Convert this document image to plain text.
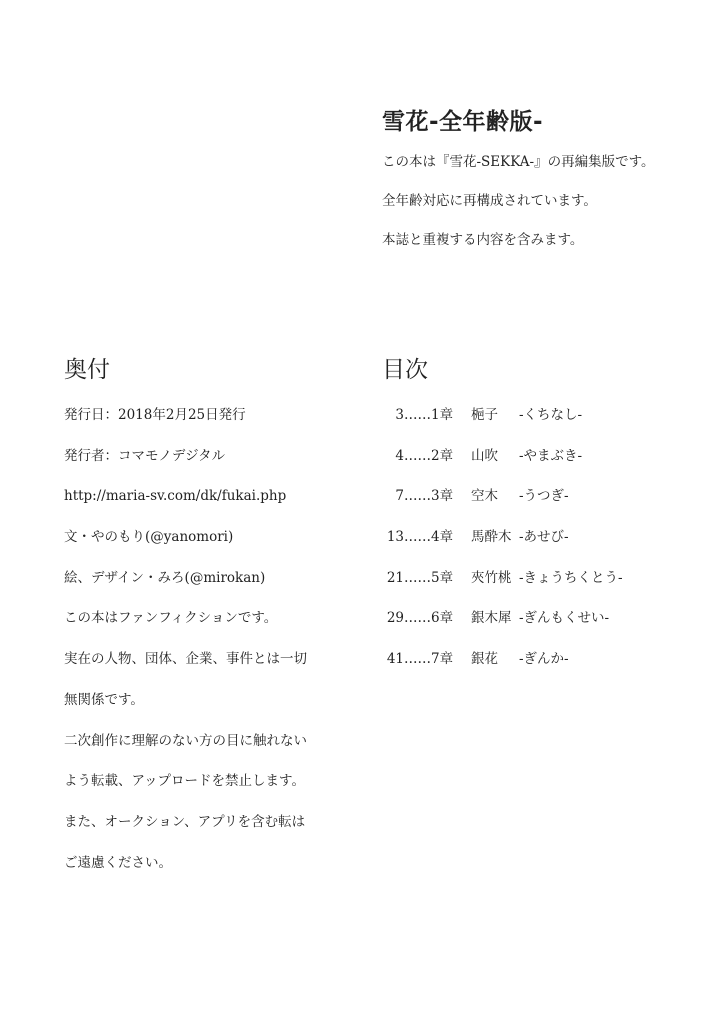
雪花-全年齢版-

この本は『雪花-SEKKA-』の再編集版です。

全年齢対応に再構成されています。

本誌と重複する内容を含みます。

奥付

発行日：2018年2月25日発行

発行者：コマモノデジタル

http://maria-sv.com/dk/fukai.php

文・やのもり(@yanomori)

絵、デザイン・みろ(@mirokan)

この本はファンフィクションです。

実在の人物、団体、企業、事件とは一切

無関係です。

二次創作に理解のない方の目に触れない

よう転載、アップロードを禁止します。

また、オークション、アプリを含む転は

ご遠慮ください。

目次
3 …… 1章	梔子	-くちなし-
4 …… 2章	山吹	-やまぶき-
7 …… 3章	空木	-うつぎ-
13 …… 4章	馬酔木 -あせび-
21 …… 5章	夾竹桃 -きょうちくとう-
29 …… 6章	銀木犀 -ぎんもくせい-
41 …… 7章	銀花	-ぎんか-
